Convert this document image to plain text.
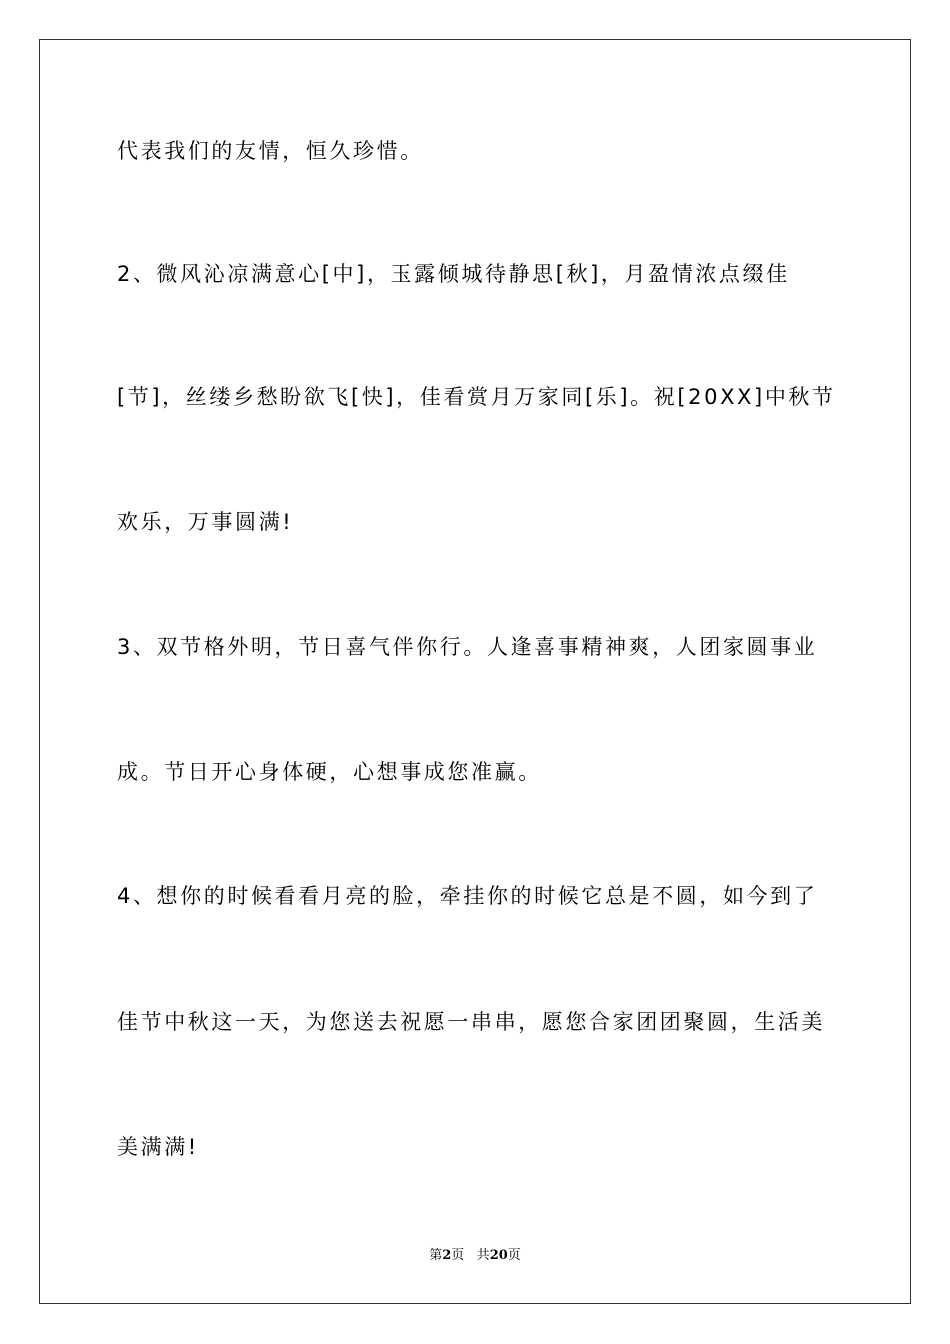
代表我们的友情，恒久珍惜。
2、微风沁凉满意心[中]，玉露倾城待静思[秋]，月盈情浓点缀佳
[节]，丝缕乡愁盼欲飞[快]，佳看赏月万家同[乐]。祝[20XX]中秋节
欢乐，万事圆满!
3、双节格外明，节日喜气伴你行。人逢喜事精神爽，人团家圆事业
成。节日开心身体硬，心想事成您准赢。
4、想你的时候看看月亮的脸，牵挂你的时候它总是不圆，如今到了
佳节中秋这一天，为您送去祝愿一串串，愿您合家团团聚圆，生活美
美满满!
第2页 共20页
